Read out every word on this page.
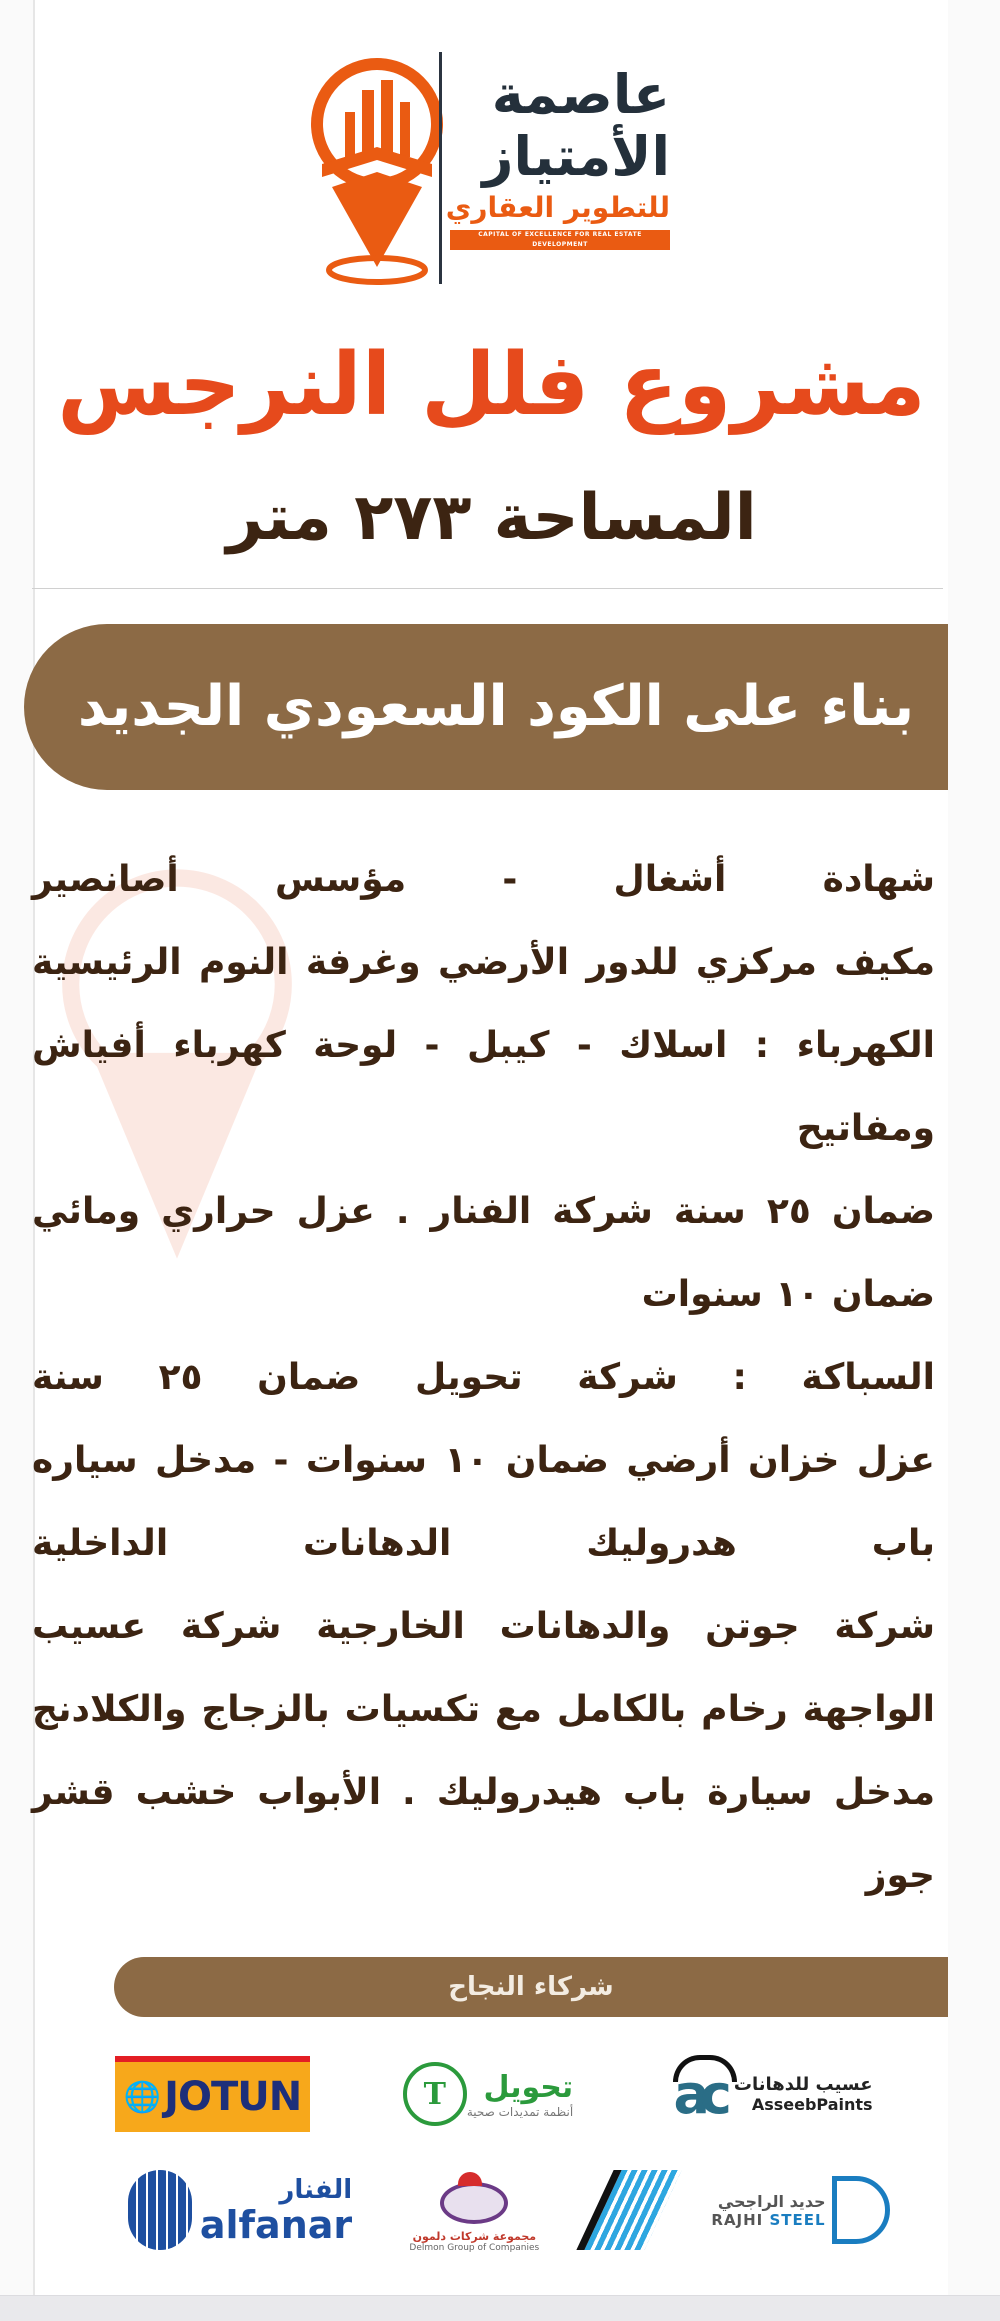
عاصمة
الأمتياز
للتطوير العقاري
CAPITAL OF EXCELLENCE FOR REAL ESTATE DEVELOPMENT
مشروع فلل النرجس
المساحة ٢٧٣ متر
بناء على الكود السعودي الجديد
شهادة أشغال - مؤسس أصانصير
مكيف مركزي للدور الأرضي وغرفة النوم الرئيسية
الكهرباء : اسلاك - كيبل - لوحة كهرباء أفياش ومفاتيح
ضمان ٢٥ سنة شركة الفنار . عزل حراري ومائي
ضمان ١٠ سنوات
السباكة : شركة تحويل ضمان ٢٥ سنة
عزل خزان أرضي ضمان ١٠ سنوات - مدخل سياره
باب هدروليك الدهانات الداخلية
شركة جوتن والدهانات الخارجية شركة عسيب
الواجهة رخام بالكامل مع تكسيات بالزجاج والكلادنج
مدخل سيارة باب هيدروليك . الأبواب خشب قشر جوز
شركاء النجاح
🌐 JOTUN	تحويل
أنظمة تمديدات صحية
T	ac عسيب للدهانات
AsseebPaints
الفنار
alfanar	مجموعة شركات دلمون
Delmon Group of Companies
حديد الراجحي
RAJHI STEEL
